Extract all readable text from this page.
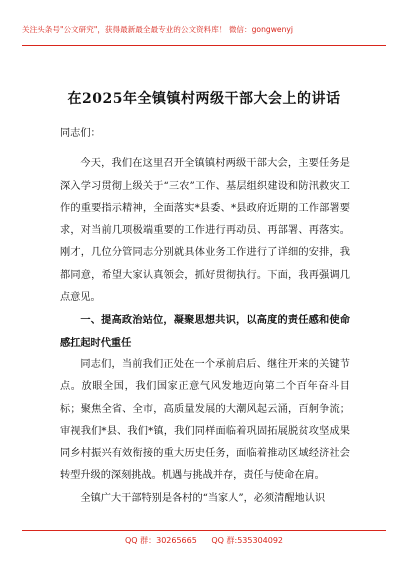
关注头条号"公文研究"，获得最新最全最专业的公文资料库！ 微信：gongwenyj
在2025年全镇镇村两级干部大会上的讲话

同志们：

今天，我们在这里召开全镇镇村两级干部大会，主要任务是深入学习贯彻上级关于“三农”工作、基层组织建设和防汛救灾工作的重要指示精神，全面落实*县委、*县政府近期的工作部署要求，对当前几项极端重要的工作进行再动员、再部署、再落实。刚才，几位分管同志分别就具体业务工作进行了详细的安排，我都同意，希望大家认真领会，抓好贯彻执行。下面，我再强调几点意见。

一、提高政治站位，凝聚思想共识，以高度的责任感和使命感扛起时代重任

同志们，当前我们正处在一个承前启后、继往开来的关键节点。放眼全国，我们国家正意气风发地迈向第二个百年奋斗目标；聚焦全省、全市，高质量发展的大潮风起云涌，百舸争流；审视我们*县、我们*镇，我们同样面临着巩固拓展脱贫攻坚成果同乡村振兴有效衔接的重大历史任务，面临着推动区域经济社会转型升级的深刻挑战。机遇与挑战并存，责任与使命在肩。

全镇广大干部特别是各村的“当家人”，必须清醒地认识

QQ 群：30265665 QQ 群:535304092
